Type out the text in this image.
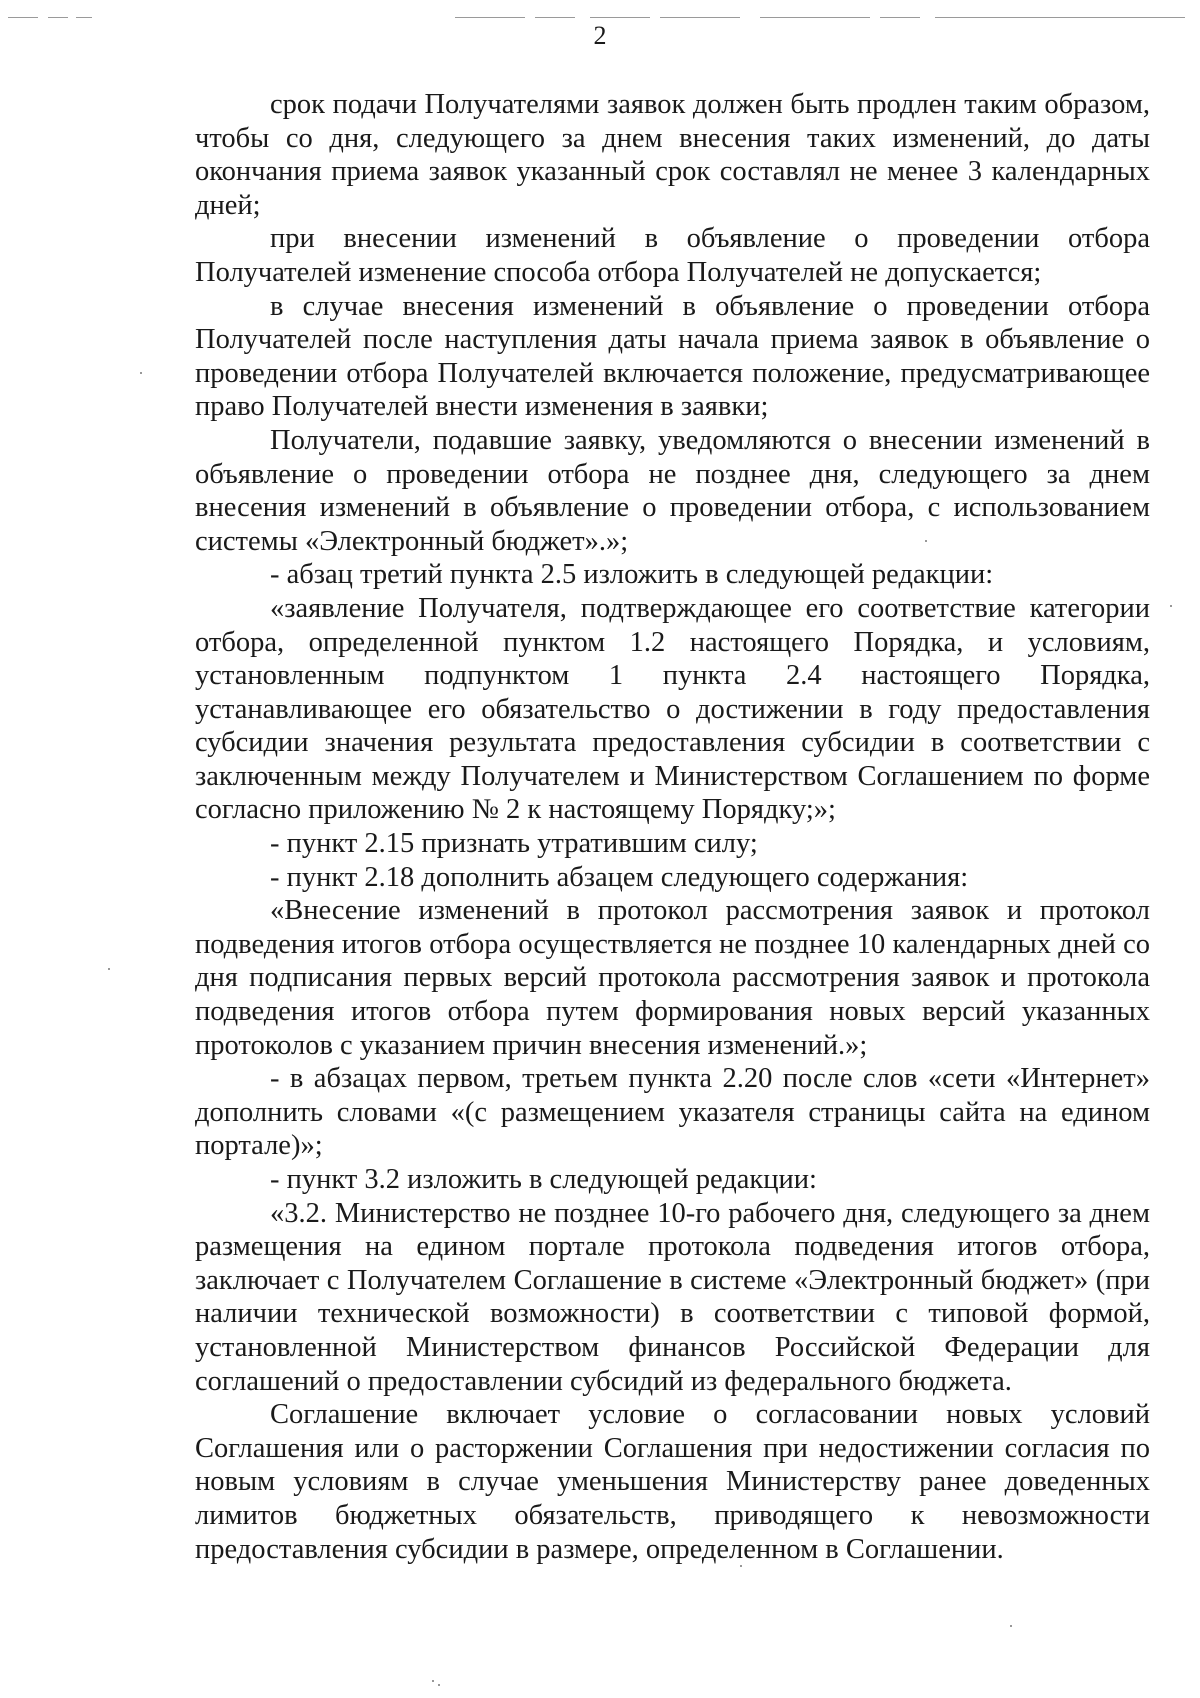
2

срок подачи Получателями заявок должен быть продлен таким образом, чтобы со дня, следующего за днем внесения таких изменений, до даты окончания приема заявок указанный срок составлял не менее 3 календарных дней;

при внесении изменений в объявление о проведении отбора Получателей изменение способа отбора Получателей не допускается;

в случае внесения изменений в объявление о проведении отбора Получателей после наступления даты начала приема заявок в объявление о проведении отбора Получателей включается положение, предусматривающее право Получателей внести изменения в заявки;

Получатели, подавшие заявку, уведомляются о внесении изменений в объявление о проведении отбора не позднее дня, следующего за днем внесения изменений в объявление о проведении отбора, с использованием системы «Электронный бюджет».»;

- абзац третий пункта 2.5 изложить в следующей редакции:

«заявление Получателя, подтверждающее его соответствие категории отбора, определенной пунктом 1.2 настоящего Порядка, и условиям, установленным подпунктом 1 пункта 2.4 настоящего Порядка, устанавливающее его обязательство о достижении в году предоставления субсидии значения результата предоставления субсидии в соответствии с заключенным между Получателем и Министерством Соглашением по форме согласно приложению № 2 к настоящему Порядку;»;

- пункт 2.15 признать утратившим силу;

- пункт 2.18 дополнить абзацем следующего содержания:

«Внесение изменений в протокол рассмотрения заявок и протокол подведения итогов отбора осуществляется не позднее 10 календарных дней со дня подписания первых версий протокола рассмотрения заявок и протокола подведения итогов отбора путем формирования новых версий указанных протоколов с указанием причин внесения изменений.»;

- в абзацах первом, третьем пункта 2.20 после слов «сети «Интернет» дополнить словами «(с размещением указателя страницы сайта на едином портале)»;

- пункт 3.2 изложить в следующей редакции:

«3.2. Министерство не позднее 10-го рабочего дня, следующего за днем размещения на едином портале протокола подведения итогов отбора, заключает с Получателем Соглашение в системе «Электронный бюджет» (при наличии технической возможности) в соответствии с типовой формой, установленной Министерством финансов Российской Федерации для соглашений о предоставлении субсидий из федерального бюджета.

Соглашение включает условие о согласовании новых условий Соглашения или о расторжении Соглашения при недостижении согласия по новым условиям в случае уменьшения Министерству ранее доведенных лимитов бюджетных обязательств, приводящего к невозможности предоставления субсидии в размере, определенном в Соглашении.
